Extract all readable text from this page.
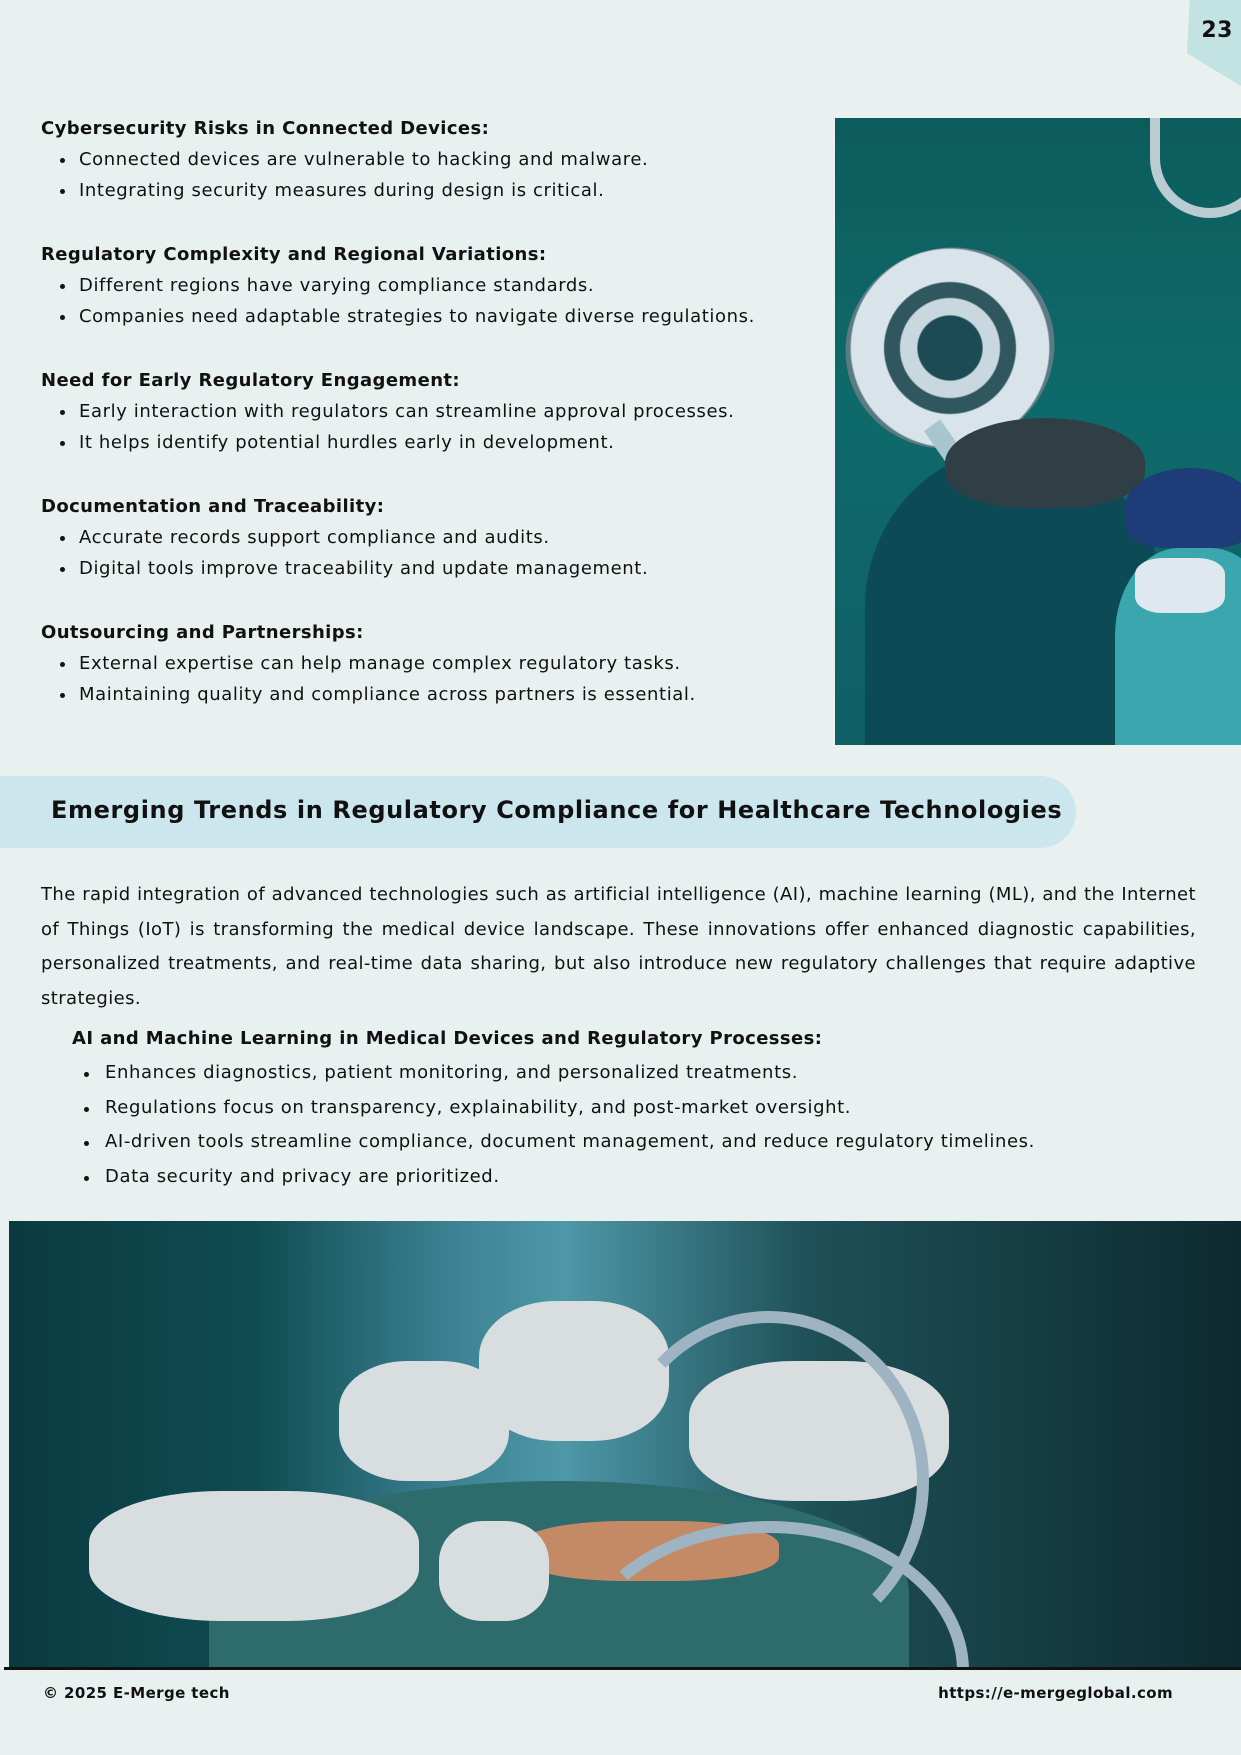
23
Cybersecurity Risks in Connected Devices:
Connected devices are vulnerable to hacking and malware.
Integrating security measures during design is critical.
Regulatory Complexity and Regional Variations:
Different regions have varying compliance standards.
Companies need adaptable strategies to navigate diverse regulations.
Need for Early Regulatory Engagement:
Early interaction with regulators can streamline approval processes.
It helps identify potential hurdles early in development.
Documentation and Traceability:
Accurate records support compliance and audits.
Digital tools improve traceability and update management.
Outsourcing and Partnerships:
External expertise can help manage complex regulatory tasks.
Maintaining quality and compliance across partners is essential.
Emerging Trends in Regulatory Compliance for Healthcare Technologies

The rapid integration of advanced technologies such as artificial intelligence (AI), machine learning (ML), and the Internet of Things (IoT) is transforming the medical device landscape. These innovations offer enhanced diagnostic capabilities, personalized treatments, and real-time data sharing, but also introduce new regulatory challenges that require adaptive strategies.

AI and Machine Learning in Medical Devices and Regulatory Processes:
Enhances diagnostics, patient monitoring, and personalized treatments.
Regulations focus on transparency, explainability, and post-market oversight.
AI-driven tools streamline compliance, document management, and reduce regulatory timelines.
Data security and privacy are prioritized.
© 2025 E-Merge tech	https://e-mergeglobal.com
